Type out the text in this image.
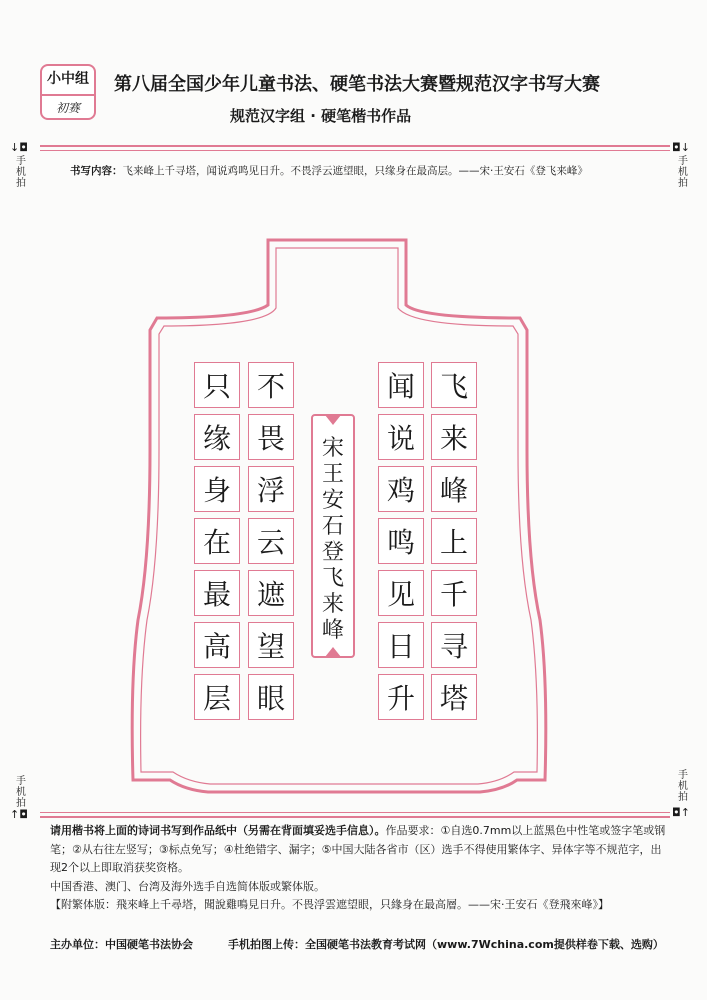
小中组
初赛
第八届全国少年儿童书法、硬笔书法大赛暨规范汉字书写大赛
规范汉字组 · 硬笔楷书作品
↓◘
手机拍
◘↓
手机拍
书写内容：飞来峰上千寻塔，闻说鸡鸣见日升。不畏浮云遮望眼，只缘身在最高层。——宋·王安石《登飞来峰》
飞
来
峰
上
千
寻
塔
闻
说
鸡
鸣
见
日
升
不
畏
浮
云
遮
望
眼
只
缘
身
在
最
高
层
宋王安石登飞来峰
手机拍
↑◘
手机拍
◘↑
请用楷书将上面的诗词书写到作品纸中（另需在背面填妥选手信息）。作品要求：①自选0.7mm以上蓝黑色中性笔或签字笔或钢笔；②从右往左竖写；③标点免写；④杜绝错字、漏字；⑤中国大陆各省市（区）选手不得使用繁体字、异体字等不规范字，出现2个以上即取消获奖资格。
中国香港、澳门、台湾及海外选手自选简体版或繁体版。
【附繁体版：飛來峰上千尋塔，聞說雞鳴見日升。不畏浮雲遮望眼，只緣身在最高層。——宋·王安石《登飛來峰》】
主办单位：中国硬笔书法协会	手机拍图上传：全国硬笔书法教育考试网（www.7Wchina.com提供样卷下载、选购）
